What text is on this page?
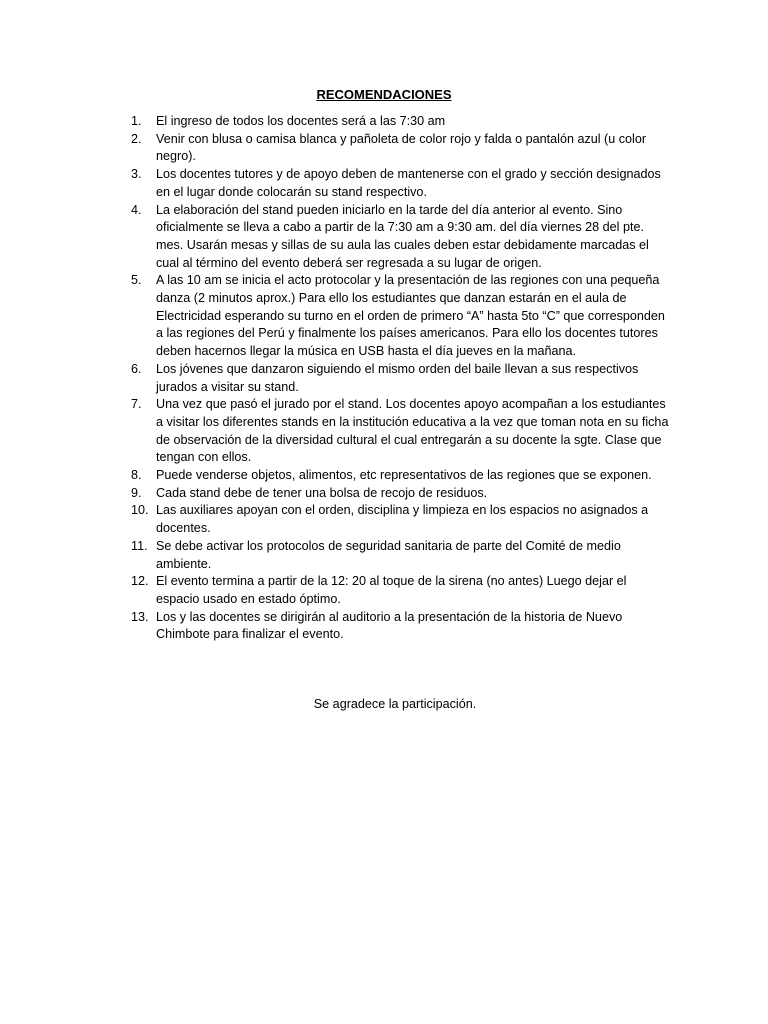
RECOMENDACIONES
1. El ingreso de todos los docentes será a las 7:30 am
2. Venir con blusa o camisa blanca y pañoleta de color rojo y falda o pantalón azul (u color negro).
3. Los docentes tutores y de apoyo deben de mantenerse con el grado y sección designados en el lugar donde colocarán su stand respectivo.
4. La elaboración del stand pueden iniciarlo en la tarde del día anterior al evento. Sino oficialmente se lleva a cabo a partir de la 7:30 am a 9:30 am. del día viernes 28 del pte. mes. Usarán mesas y sillas de su aula las cuales deben estar debidamente marcadas el cual al término del evento deberá ser regresada a su lugar de origen.
5. A las 10 am se inicia el acto protocolar y la presentación de las regiones con una pequeña danza (2 minutos aprox.) Para ello los estudiantes que danzan estarán en el aula de Electricidad esperando su turno en el orden de primero “A” hasta 5to “C” que corresponden a las regiones del Perú y finalmente los países americanos. Para ello los docentes tutores deben hacernos llegar la música en USB hasta el día jueves en la mañana.
6. Los jóvenes que danzaron siguiendo el mismo orden del baile llevan a sus respectivos jurados a visitar su stand.
7. Una vez que pasó el jurado por el stand. Los docentes apoyo acompañan a los estudiantes a visitar los diferentes stands en la institución educativa a la vez que toman nota en su ficha de observación de la diversidad cultural el cual entregarán a su docente la sgte. Clase que tengan con ellos.
8. Puede venderse objetos, alimentos, etc representativos de las regiones que se exponen.
9. Cada stand debe de tener una bolsa de recojo de residuos.
10. Las auxiliares apoyan con el orden, disciplina y limpieza en los espacios no asignados a docentes.
11. Se debe activar los protocolos de seguridad sanitaria de parte del Comité de medio ambiente.
12. El evento termina a partir de la 12: 20 al toque de la sirena (no antes) Luego dejar el espacio usado en estado óptimo.
13. Los y las docentes se dirigirán al auditorio a la presentación de la historia de Nuevo Chimbote para finalizar el evento.
Se agradece la participación.
